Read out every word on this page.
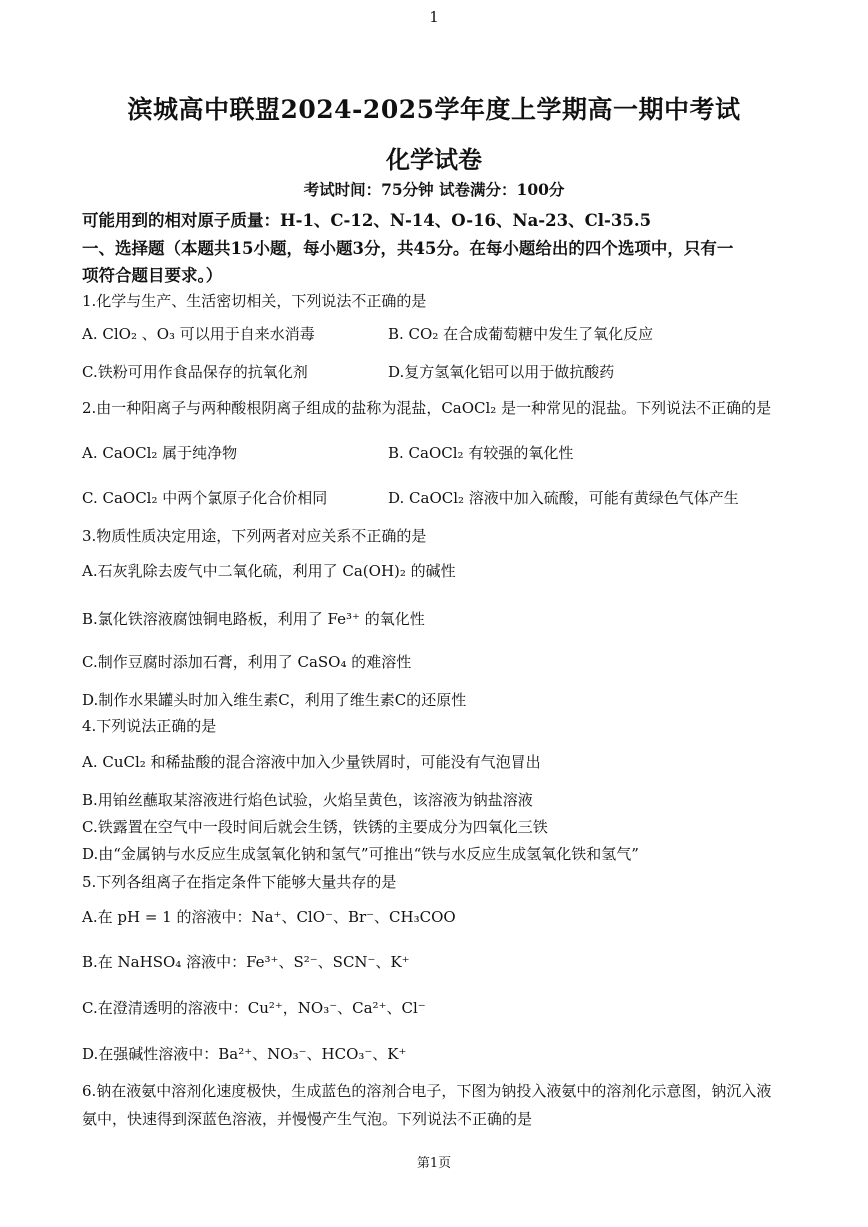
1
滨城高中联盟2024-2025学年度上学期高一期中考试
化学试卷
考试时间：75分钟 试卷满分：100分
可能用到的相对原子质量：H-1、C-12、N-14、O-16、Na-23、Cl-35.5
一、选择题（本题共15小题，每小题3分，共45分。在每小题给出的四个选项中，只有一
项符合题目要求。）
1.化学与生产、生活密切相关，下列说法不正确的是
A. ClO₂ 、O₃ 可以用于自来水消毒	B. CO₂ 在合成葡萄糖中发生了氧化反应
C.铁粉可用作食品保存的抗氧化剂	D.复方氢氧化铝可以用于做抗酸药
2.由一种阳离子与两种酸根阴离子组成的盐称为混盐，CaOCl₂ 是一种常见的混盐。下列说法不正确的是
A. CaOCl₂ 属于纯净物	B. CaOCl₂ 有较强的氧化性
C. CaOCl₂ 中两个氯原子化合价相同	D. CaOCl₂ 溶液中加入硫酸，可能有黄绿色气体产生
3.物质性质决定用途，下列两者对应关系不正确的是
A.石灰乳除去废气中二氧化硫，利用了 Ca(OH)₂ 的碱性
B.氯化铁溶液腐蚀铜电路板，利用了 Fe³⁺ 的氧化性
C.制作豆腐时添加石膏，利用了 CaSO₄ 的难溶性
D.制作水果罐头时加入维生素C，利用了维生素C的还原性
4.下列说法正确的是
A. CuCl₂ 和稀盐酸的混合溶液中加入少量铁屑时，可能没有气泡冒出
B.用铂丝蘸取某溶液进行焰色试验，火焰呈黄色，该溶液为钠盐溶液
C.铁露置在空气中一段时间后就会生锈，铁锈的主要成分为四氧化三铁
D.由“金属钠与水反应生成氢氧化钠和氢气”可推出“铁与水反应生成氢氧化铁和氢气”
5.下列各组离子在指定条件下能够大量共存的是
A.在 pH = 1 的溶液中：Na⁺、ClO⁻、Br⁻、CH₃COO
B.在 NaHSO₄ 溶液中：Fe³⁺、S²⁻、SCN⁻、K⁺
C.在澄清透明的溶液中：Cu²⁺，NO₃⁻、Ca²⁺、Cl⁻
D.在强碱性溶液中：Ba²⁺、NO₃⁻、HCO₃⁻、K⁺
6.钠在液氨中溶剂化速度极快，生成蓝色的溶剂合电子，下图为钠投入液氨中的溶剂化示意图，钠沉入液
氨中，快速得到深蓝色溶液，并慢慢产生气泡。下列说法不正确的是
第1页
